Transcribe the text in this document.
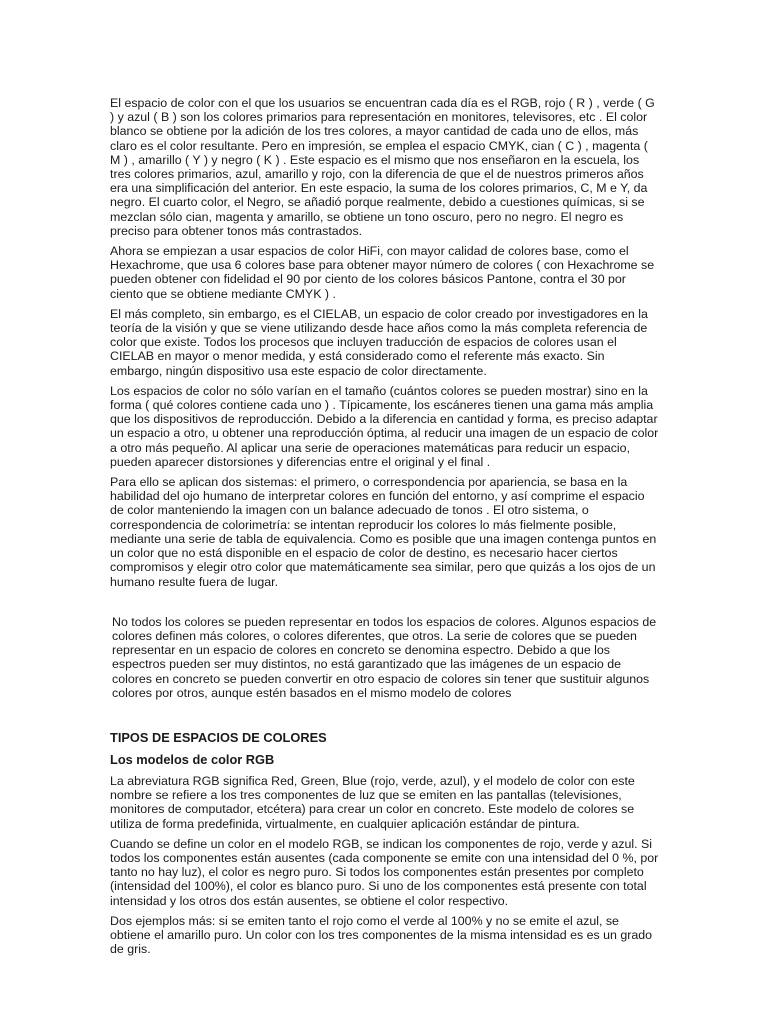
El espacio de color con el que los usuarios se encuentran cada día es el RGB, rojo ( R ) , verde ( G ) y azul ( B ) son los colores primarios para representación en monitores, televisores, etc . El color blanco se obtiene por la adición de los tres colores, a mayor cantidad de cada uno de ellos, más claro es el color resultante. Pero en impresión, se emplea el espacio CMYK, cian ( C ) , magenta ( M ) , amarillo ( Y ) y negro ( K ) . Este espacio es el mismo que nos enseñaron en la escuela, los tres colores primarios, azul, amarillo y rojo, con la diferencia de que el de nuestros primeros años era una simplificación del anterior. En este espacio, la suma de los colores primarios, C, M e Y, da negro. El cuarto color, el Negro, se añadió porque realmente, debido a cuestiones químicas, si se mezclan sólo cian, magenta y amarillo, se obtiene un tono oscuro, pero no negro. El negro es preciso para obtener tonos más contrastados.

Ahora se empiezan a usar espacios de color HiFi, con mayor calidad de colores base, como el Hexachrome, que usa 6 colores base para obtener mayor número de colores ( con Hexachrome se pueden obtener con fidelidad el 90 por ciento de los colores básicos Pantone, contra el 30 por ciento que se obtiene mediante CMYK ) .

El más completo, sin embargo, es el CIELAB, un espacio de color creado por investigadores en la teoría de la visión y que se viene utilizando desde hace años como la más completa referencia de color que existe. Todos los procesos que incluyen traducción de espacios de colores usan el CIELAB en mayor o menor medida, y está considerado como el referente más exacto. Sin embargo, ningún dispositivo usa este espacio de color directamente.

Los espacios de color no sólo varían en el tamaño (cuántos colores se pueden mostrar) sino en la forma ( qué colores contiene cada uno ) . Típicamente, los escáneres tienen una gama más amplia que los dispositivos de reproducción. Debido a la diferencia en cantidad y forma, es preciso adaptar un espacio a otro, u obtener una reproducción óptima, al reducir una imagen de un espacio de color a otro más pequeño. Al aplicar una serie de operaciones matemáticas para reducir un espacio, pueden aparecer distorsiones y diferencias entre el original y el final .

Para ello se aplican dos sistemas: el primero, o correspondencia por apariencia, se basa en la habilidad del ojo humano de interpretar colores en función del entorno, y así comprime el espacio de color manteniendo la imagen con un balance adecuado de tonos . El otro sistema, o correspondencia de colorimetría: se intentan reproducir los colores lo más fielmente posible, mediante una serie de tabla de equivalencia. Como es posible que una imagen contenga puntos en un color que no está disponible en el espacio de color de destino, es necesario hacer ciertos compromisos y elegir otro color que matemáticamente sea similar, pero que quizás a los ojos de un humano resulte fuera de lugar.

No todos los colores se pueden representar en todos los espacios de colores. Algunos espacios de colores definen más colores, o colores diferentes, que otros. La serie de colores que se pueden representar en un espacio de colores en concreto se denomina espectro. Debido a que los espectros pueden ser muy distintos, no está garantizado que las imágenes de un espacio de colores en concreto se pueden convertir en otro espacio de colores sin tener que sustituir algunos colores por otros, aunque estén basados en el mismo modelo de colores

TIPOS DE ESPACIOS DE COLORES
Los modelos de color RGB

La abreviatura RGB significa Red, Green, Blue (rojo, verde, azul), y el modelo de color con este nombre se refiere a los tres componentes de luz que se emiten en las pantallas (televisiones, monitores de computador, etcétera) para crear un color en concreto. Este modelo de colores se utiliza de forma predefinida, virtualmente, en cualquier aplicación estándar de pintura.

Cuando se define un color en el modelo RGB, se indican los componentes de rojo, verde y azul. Si todos los componentes están ausentes (cada componente se emite con una intensidad del 0 %, por tanto no hay luz), el color es negro puro. Si todos los componentes están presentes por completo (intensidad del 100%), el color es blanco puro. Si uno de los componentes está presente con total intensidad y los otros dos están ausentes, se obtiene el color respectivo.

Dos ejemplos más: si se emiten tanto el rojo como el verde al 100% y no se emite el azul, se obtiene el amarillo puro. Un color con los tres componentes de la misma intensidad es es un grado de gris.
